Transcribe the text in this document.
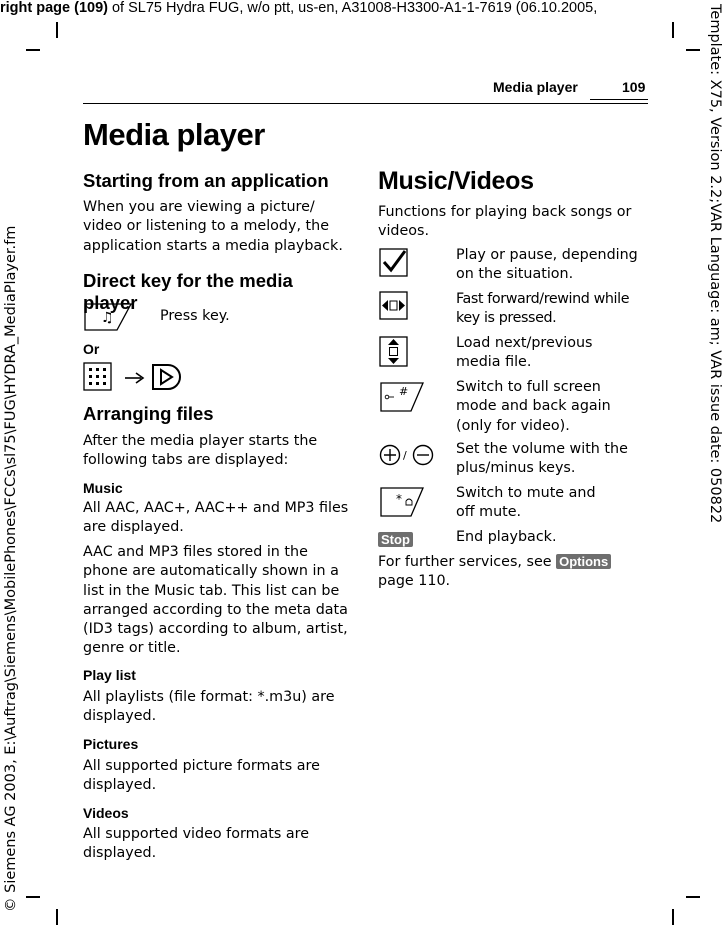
right page (109) of SL75 Hydra FUG, w/o ptt, us-en, A31008-H3300-A1-1-7619 (06.10.2005,
© Siemens AG 2003, E:\Auftrag\Siemens\MobilePhones\FCCs\sl75\FUG\HYDRA_MediaPlayer.fm	Template: X75, Version 2.2;VAR Language: am; VAR issue date: 050822
Media player	109
Media player
Starting from an application
When you are viewing a picture/
video or listening to a melody, the
application starts a media playback.
Direct key for the media player
♫	Press key.
Or
Arranging files
After the media player starts the
following tabs are displayed:
Music
All AAC, AAC+, AAC++ and MP3 files
are displayed.
AAC and MP3 files stored in the
phone are automatically shown in a
list in the Music tab. This list can be
arranged according to the meta data
(ID3 tags) according to album, artist,
genre or title.
Play list
All playlists (file format: *.m3u) are
displayed.
Pictures
All supported picture formats are
displayed.
Videos
All supported video formats are
displayed.
Music/Videos
Functions for playing back songs or
videos.
Play or pause, depending
on the situation.
Fast forward/rewind while
key is pressed.
Load next/previous
media file.
#	Switch to full screen
mode and back again
(only for video).
/	Set the volume with the
plus/minus keys.
*	Switch to mute and
off mute.
Stop	End playback.
For further services, see Options
page 110.
